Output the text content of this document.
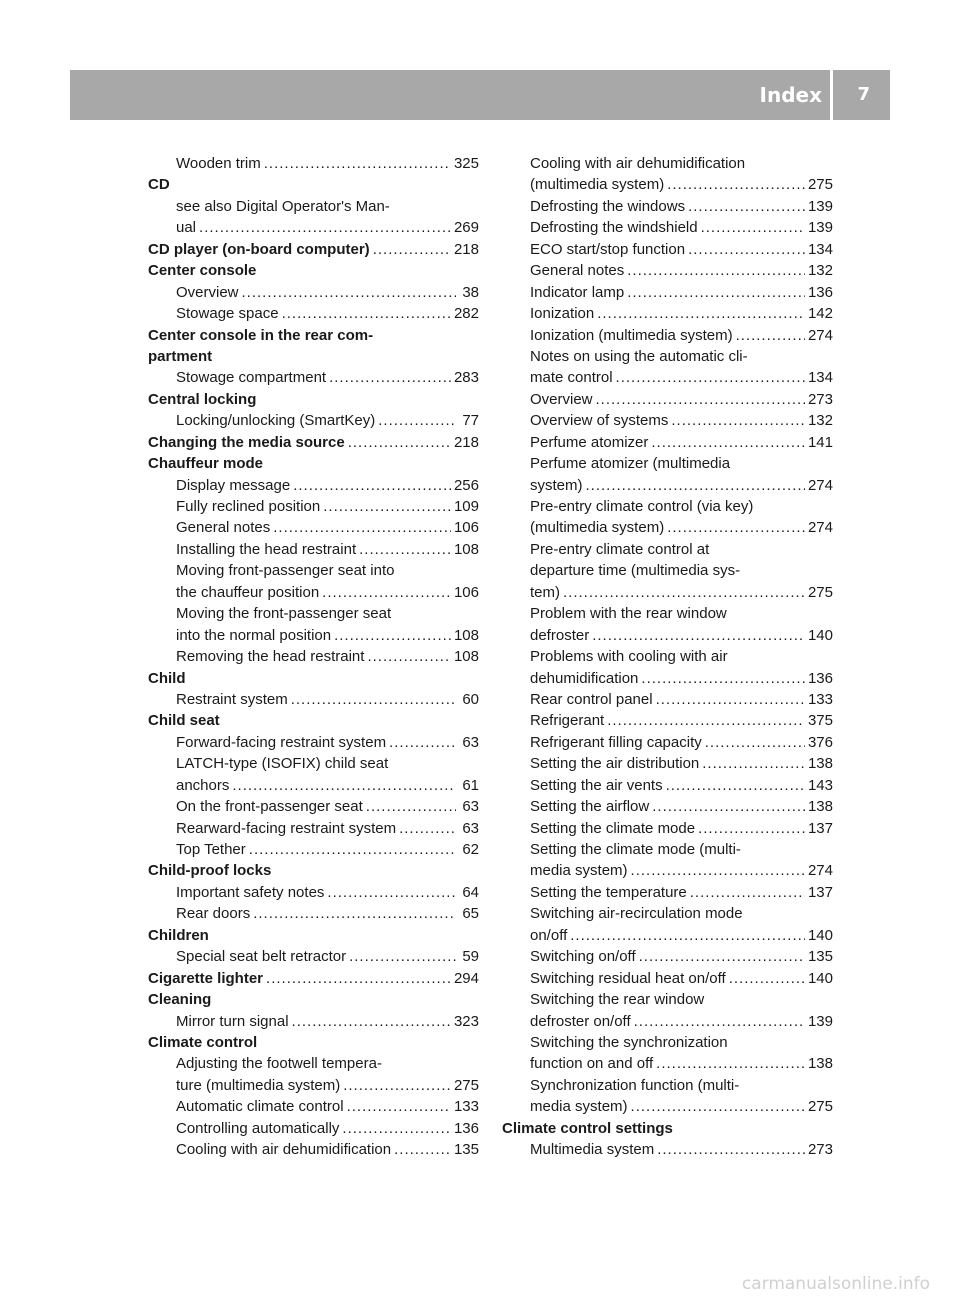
Index 7
Wooden trim .....	325
CD
see also Digital Operator's Man-
ual .....	269
CD player (on-board computer) .....	218
Center console
Overview .....	38
Stowage space .....	282
Center console in the rear com-
partment
Stowage compartment .....	283
Central locking
Locking/unlocking (SmartKey) .....	77
Changing the media source .....	218
Chauffeur mode
Display message .....	256
Fully reclined position .....	109
General notes .....	106
Installing the head restraint .....	108
Moving front-passenger seat into
the chauffeur position .....	106
Moving the front-passenger seat
into the normal position .....	108
Removing the head restraint .....	108
Child
Restraint system .....	60
Child seat
Forward-facing restraint system .....	63
LATCH-type (ISOFIX) child seat
anchors .....	61
On the front-passenger seat .....	63
Rearward-facing restraint system .....	63
Top Tether .....	62
Child-proof locks
Important safety notes .....	64
Rear doors .....	65
Children
Special seat belt retractor .....	59
Cigarette lighter .....	294
Cleaning
Mirror turn signal .....	323
Climate control
Adjusting the footwell tempera-
ture (multimedia system) .....	275
Automatic climate control .....	133
Controlling automatically .....	136
Cooling with air dehumidification .....	135
Cooling with air dehumidification
(multimedia system) .....	275
Defrosting the windows .....	139
Defrosting the windshield .....	139
ECO start/stop function .....	134
General notes .....	132
Indicator lamp .....	136
Ionization .....	142
Ionization (multimedia system) .....	274
Notes on using the automatic cli-
mate control .....	134
Overview .....	273
Overview of systems .....	132
Perfume atomizer .....	141
Perfume atomizer (multimedia
system) .....	274
Pre-entry climate control (via key)
(multimedia system) .....	274
Pre-entry climate control at
departure time (multimedia sys-
tem) .....	275
Problem with the rear window
defroster .....	140
Problems with cooling with air
dehumidification .....	136
Rear control panel .....	133
Refrigerant .....	375
Refrigerant filling capacity .....	376
Setting the air distribution .....	138
Setting the air vents .....	143
Setting the airflow .....	138
Setting the climate mode .....	137
Setting the climate mode (multi-
media system) .....	274
Setting the temperature .....	137
Switching air-recirculation mode
on/off .....	140
Switching on/off .....	135
Switching residual heat on/off .....	140
Switching the rear window
defroster on/off .....	139
Switching the synchronization
function on and off .....	138
Synchronization function (multi-
media system) .....	275
Climate control settings
Multimedia system .....	273
carmanualsonline.info
